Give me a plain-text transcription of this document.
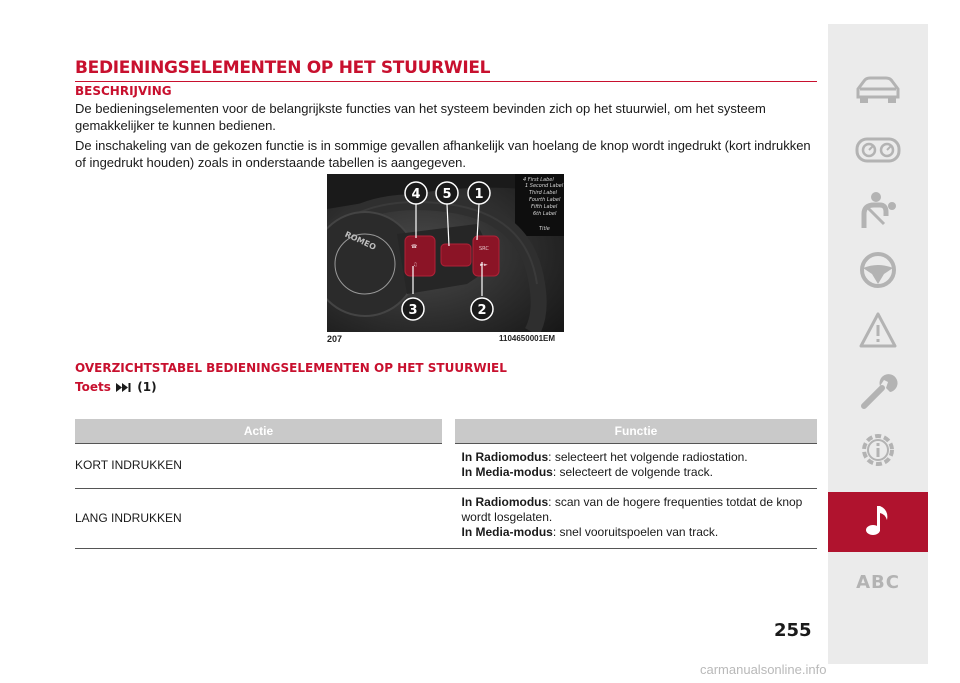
BEDIENINGSELEMENTEN OP HET STUURWIEL
BESCHRIJVING

De bedieningselementen voor de belangrijkste functies van het systeem bevinden zich op het stuurwiel, om het systeem gemakkelijker te kunnen bedienen.

De inschakeling van de gekozen functie is in sommige gevallen afhankelijk van hoelang de knop wordt ingedrukt (kort indrukken of ingedrukt houden) zoals in onderstaande tabellen is aangegeven.

4 First Label
1 Second Label
Third Label
Fourth Label
Fifth Label
6th Label
Title
ROMEO	☎
♫
SRC
►►
4 5 1
3	2
207	1104650001EM
OVERZICHTSTABEL BEDIENINGSELEMENTEN OP HET STUURWIEL
Toets (1)
Actie	Functie
KORT INDRUKKEN	In Radiomodus: selecteert het volgende radiostation.
In Media-modus: selecteert de volgende track.

LANG INDRUKKEN	In Radiomodus: scan van de hogere frequenties totdat de knop wordt losgelaten.
In Media-modus: snel vooruitspoelen van track.
ABC
255
carmanualsonline.info
